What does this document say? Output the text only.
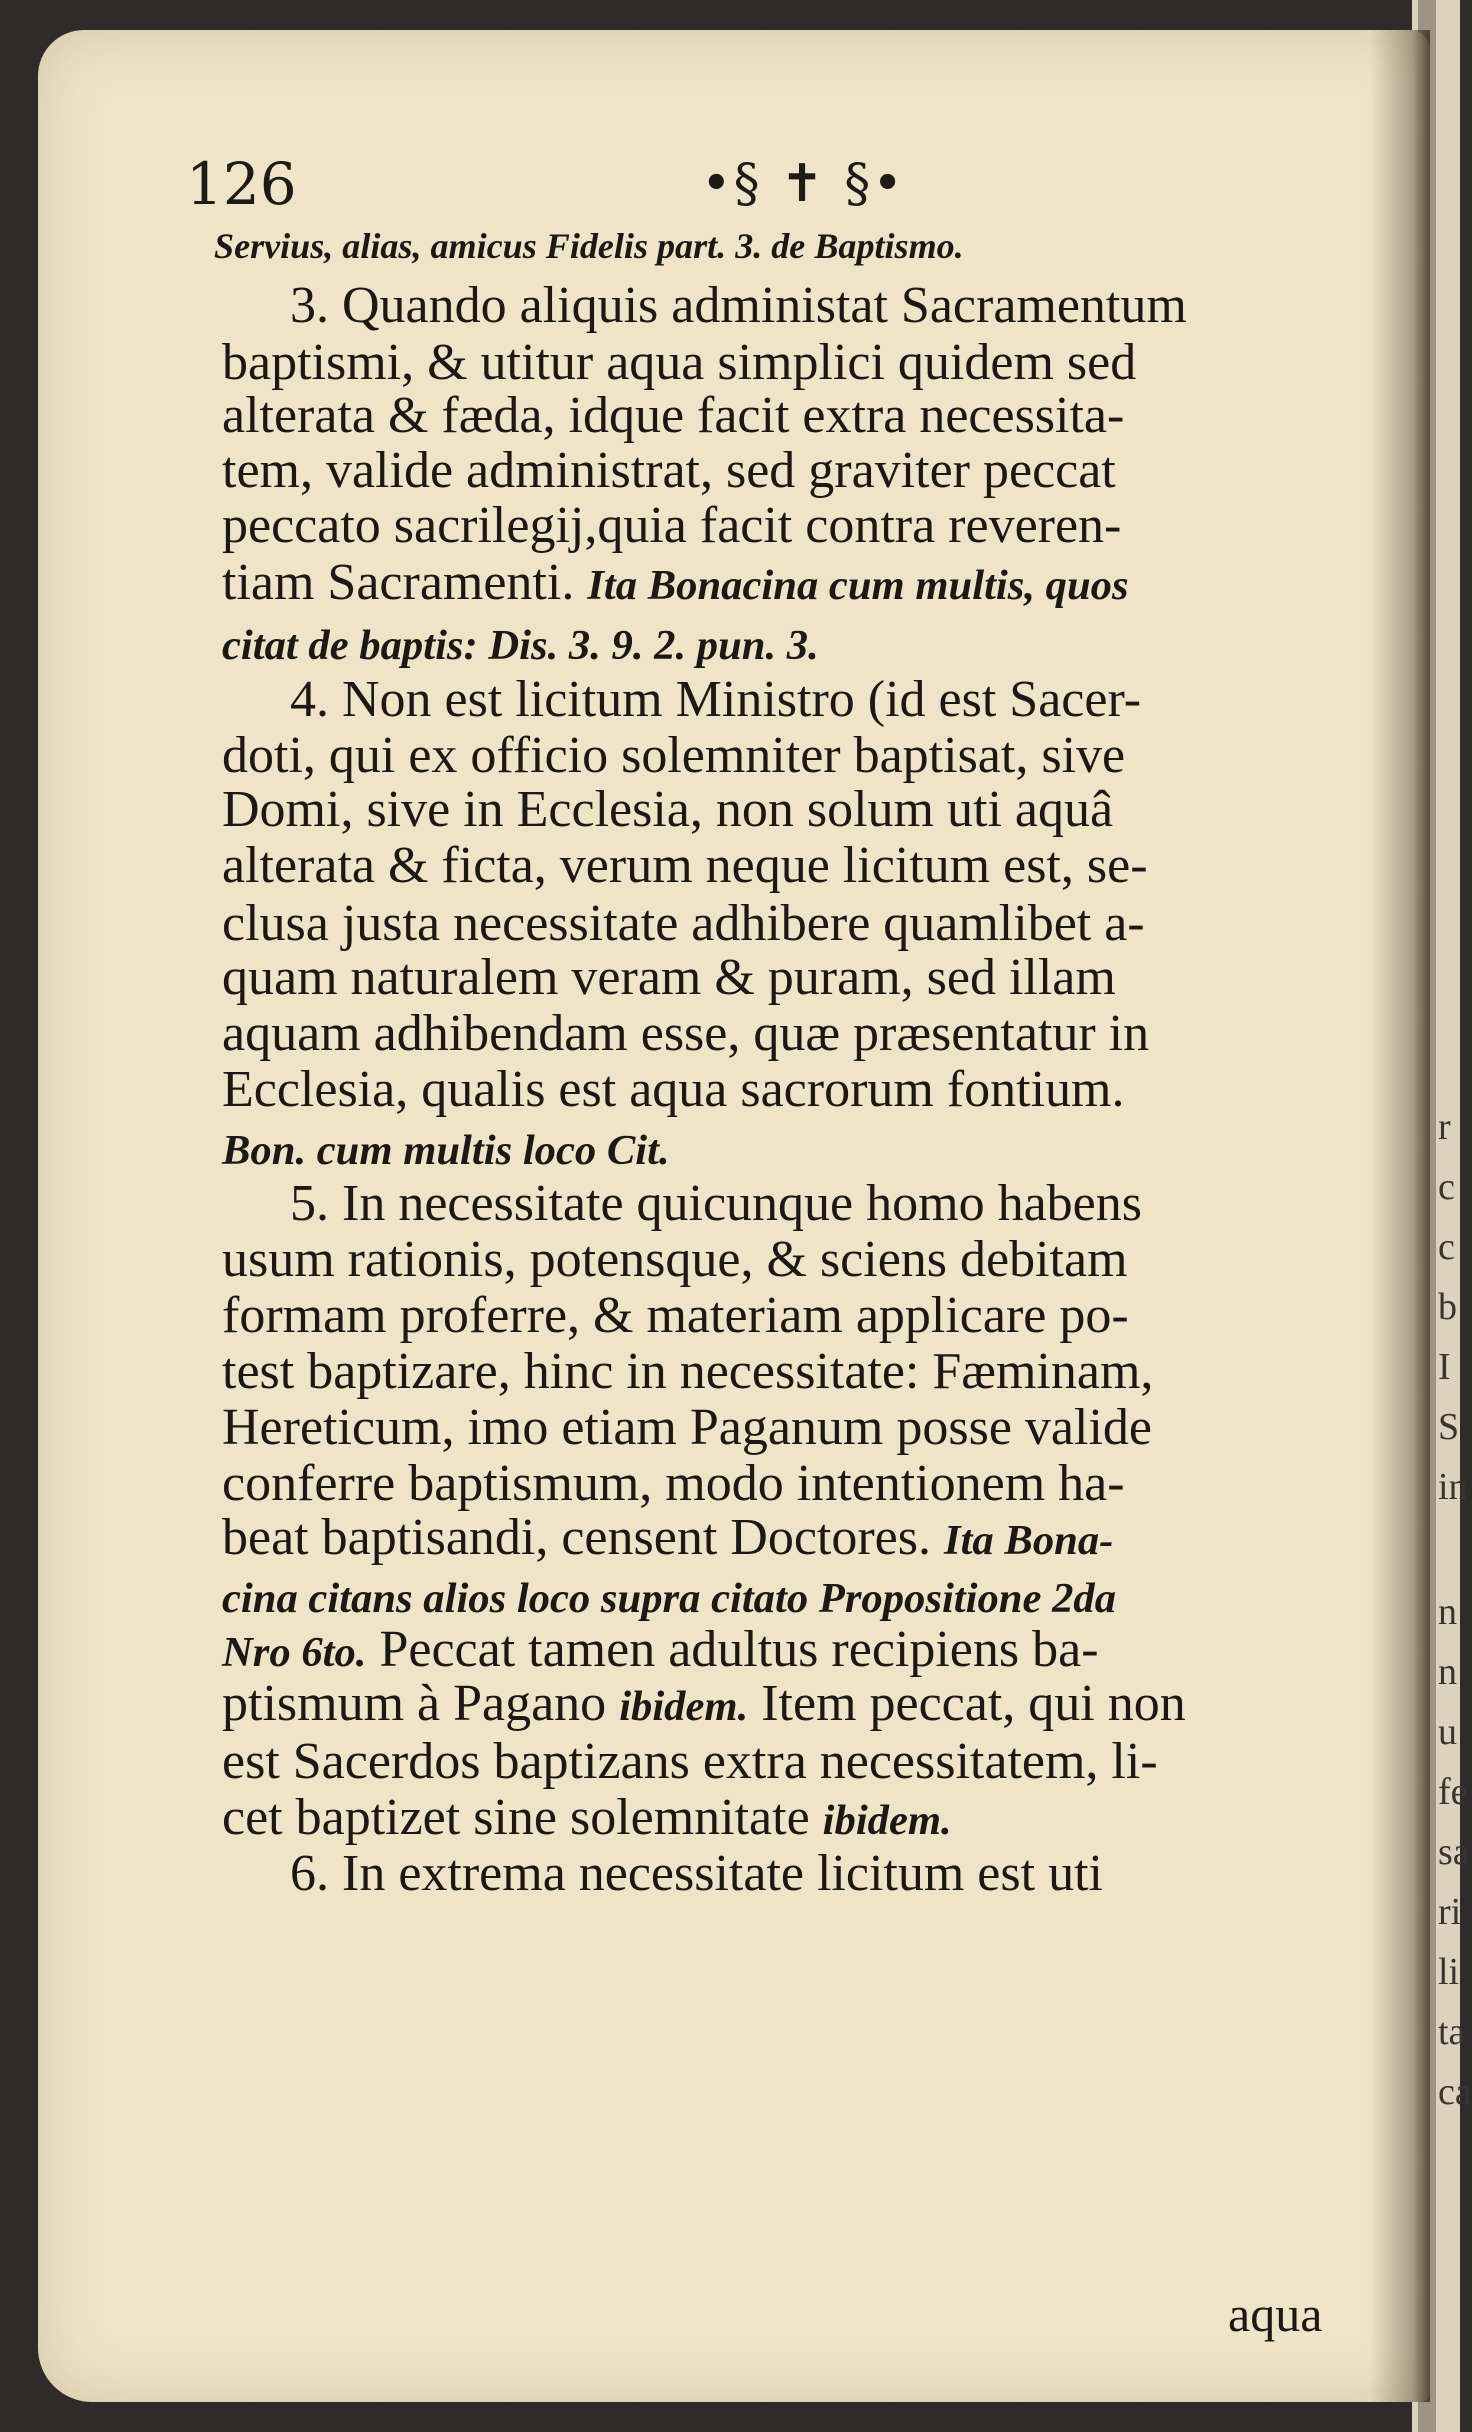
126	•§ ✝ §•
Servius, alias, amicus Fidelis part. 3. de Baptismo.
3. Quando aliquis administat Sacramentum
baptismi, & utitur aqua simplici quidem sed
alterata & fæda, idque facit extra necessita-
tem, valide administrat, sed graviter peccat
peccato sacrilegij,quia facit contra reveren-
tiam Sacramenti. Ita Bonacina cum multis, quos
citat de baptis: Dis. 3. 9. 2. pun. 3.
4. Non est licitum Ministro (id est Sacer-
doti, qui ex officio solemniter baptisat, sive
Domi, sive in Ecclesia, non solum uti aquâ
alterata & ficta, verum neque licitum est, se-
clusa justa necessitate adhibere quamlibet a-
quam naturalem veram & puram, sed illam
aquam adhibendam esse, quæ præsentatur in
Ecclesia, qualis est aqua sacrorum fontium.
Bon. cum multis loco Cit.
5. In necessitate quicunque homo habens
usum rationis, potensque, & sciens debitam
formam proferre, & materiam applicare po-
test baptizare, hinc in necessitate: Fæminam,
Hereticum, imo etiam Paganum posse valide
conferre baptismum, modo intentionem ha-
beat baptisandi, censent Doctores. Ita Bona-
cina citans alios loco supra citato Propositione 2da
Nro 6to. Peccat tamen adultus recipiens ba-
ptismum à Pagano ibidem. Item peccat, qui non
est Sacerdos baptizans extra necessitatem, li-
cet baptizet sine solemnitate ibidem.
6. In extrema necessitate licitum est uti
aqua
r
c
c
b
I
S
in
n
n
u
fe
sa
ri
li
ta
ca
